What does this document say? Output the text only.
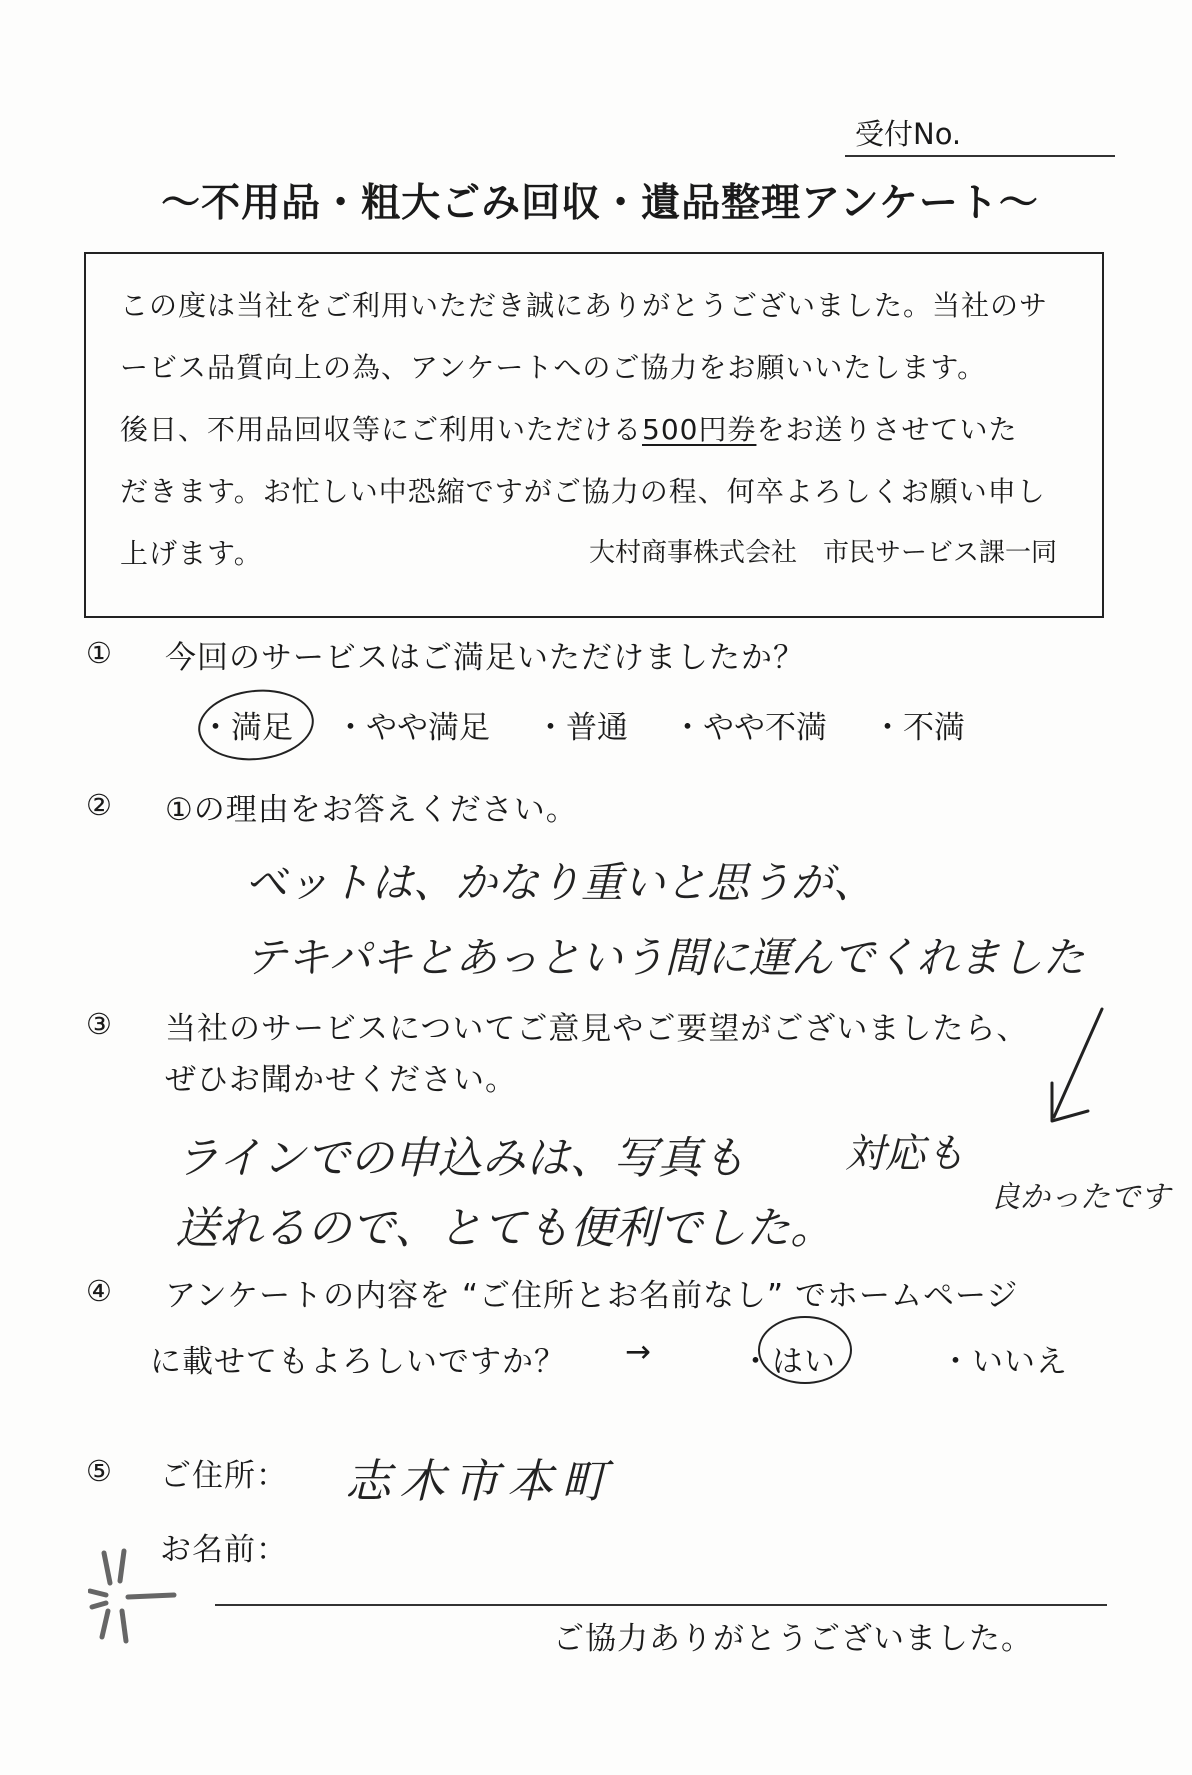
受付No.
～不用品・粗大ごみ回収・遺品整理アンケート～
この度は当社をご利用いただき誠にありがとうございました。当社のサ
ービス品質向上の為、アンケートへのご協力をお願いいたします。
後日、不用品回収等にご利用いただける500円券をお送りさせていた
だきます。お忙しい中恐縮ですがご協力の程、何卒よろしくお願い申し
上げます。	大村商事株式会社　市民サービス課一同
① 今回のサービスはご満足いただけましたか？
・満足 ・やや満足 ・普通 ・やや不満 ・不満
② ①の理由をお答えください。
ベットは、かなり重いと思うが、
テキパキとあっという間に運んでくれました
③ 当社のサービスについてご意見やご要望がございましたら、
ぜひお聞かせください。
ラインでの申込みは、写真も
送れるので、とても便利でした。
対応も
良かったです
④ アンケートの内容を “ご住所とお名前なし” でホームページ
に載せてもよろしいですか？ →	・はい	・いいえ
⑤ ご住所： 志木市本町
お名前：
ご協力ありがとうございました。
